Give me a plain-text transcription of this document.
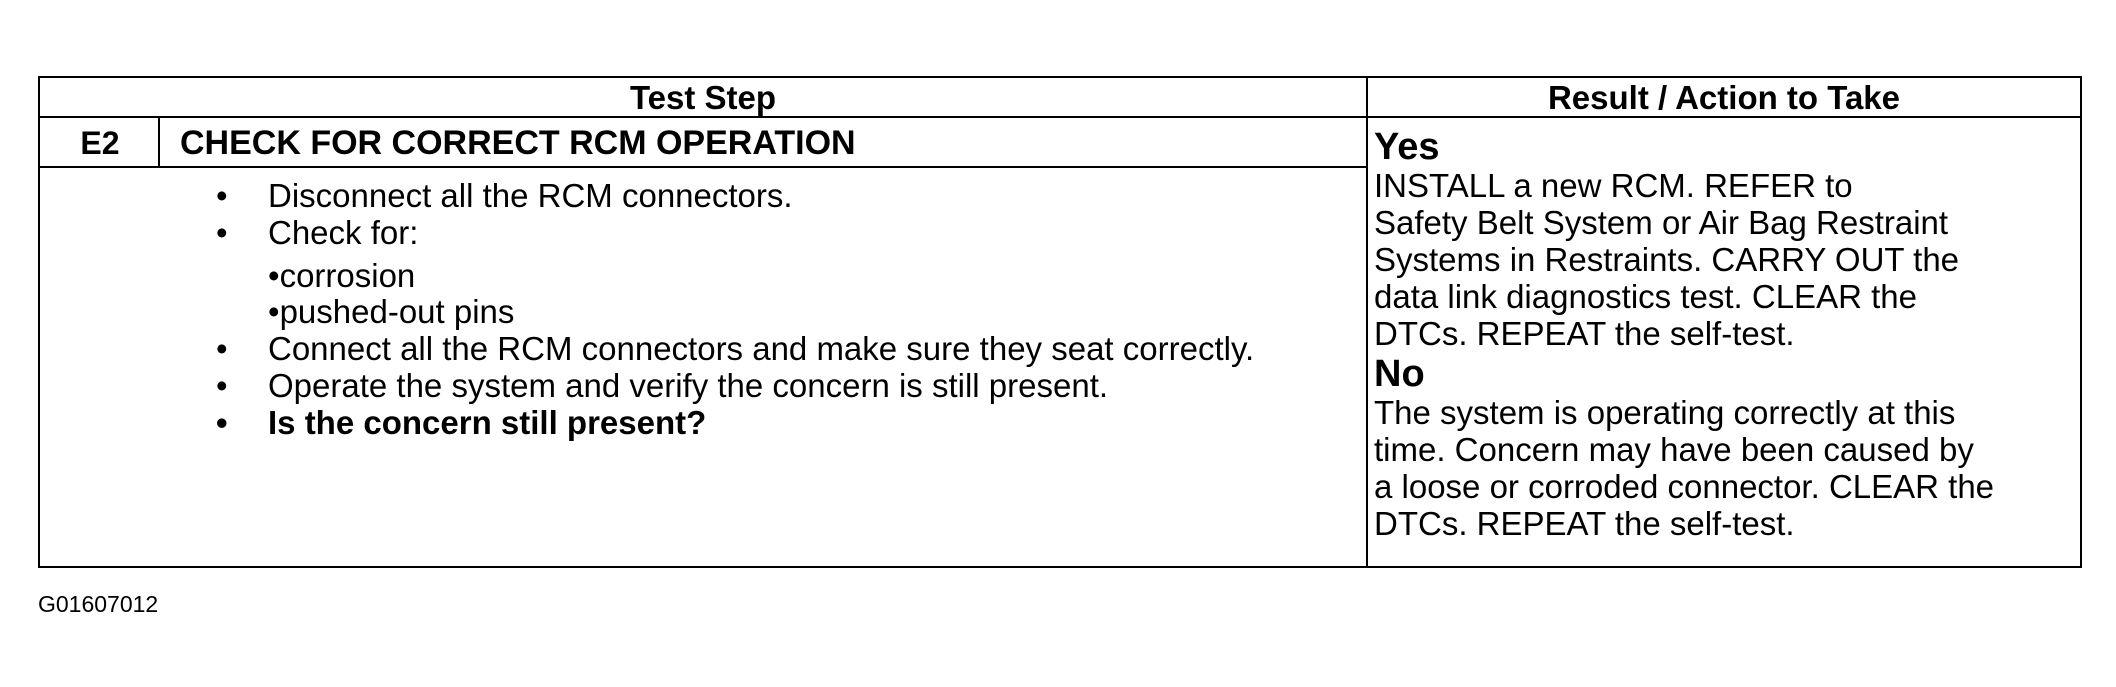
Test Step	Result / Action to Take
E2	CHECK FOR CORRECT RCM OPERATION
• Disconnect all the RCM connectors.
• Check for:
• corrosion
• pushed-out pins
• Connect all the RCM connectors and make sure they seat correctly.
• Operate the system and verify the concern is still present.
• Is the concern still present?
Yes
INSTALL a new RCM. REFER to
Safety Belt System or Air Bag Restraint
Systems in Restraints. CARRY OUT the
data link diagnostics test. CLEAR the
DTCs. REPEAT the self-test.
No
The system is operating correctly at this
time. Concern may have been caused by
a loose or corroded connector. CLEAR the
DTCs. REPEAT the self-test.
G01607012
